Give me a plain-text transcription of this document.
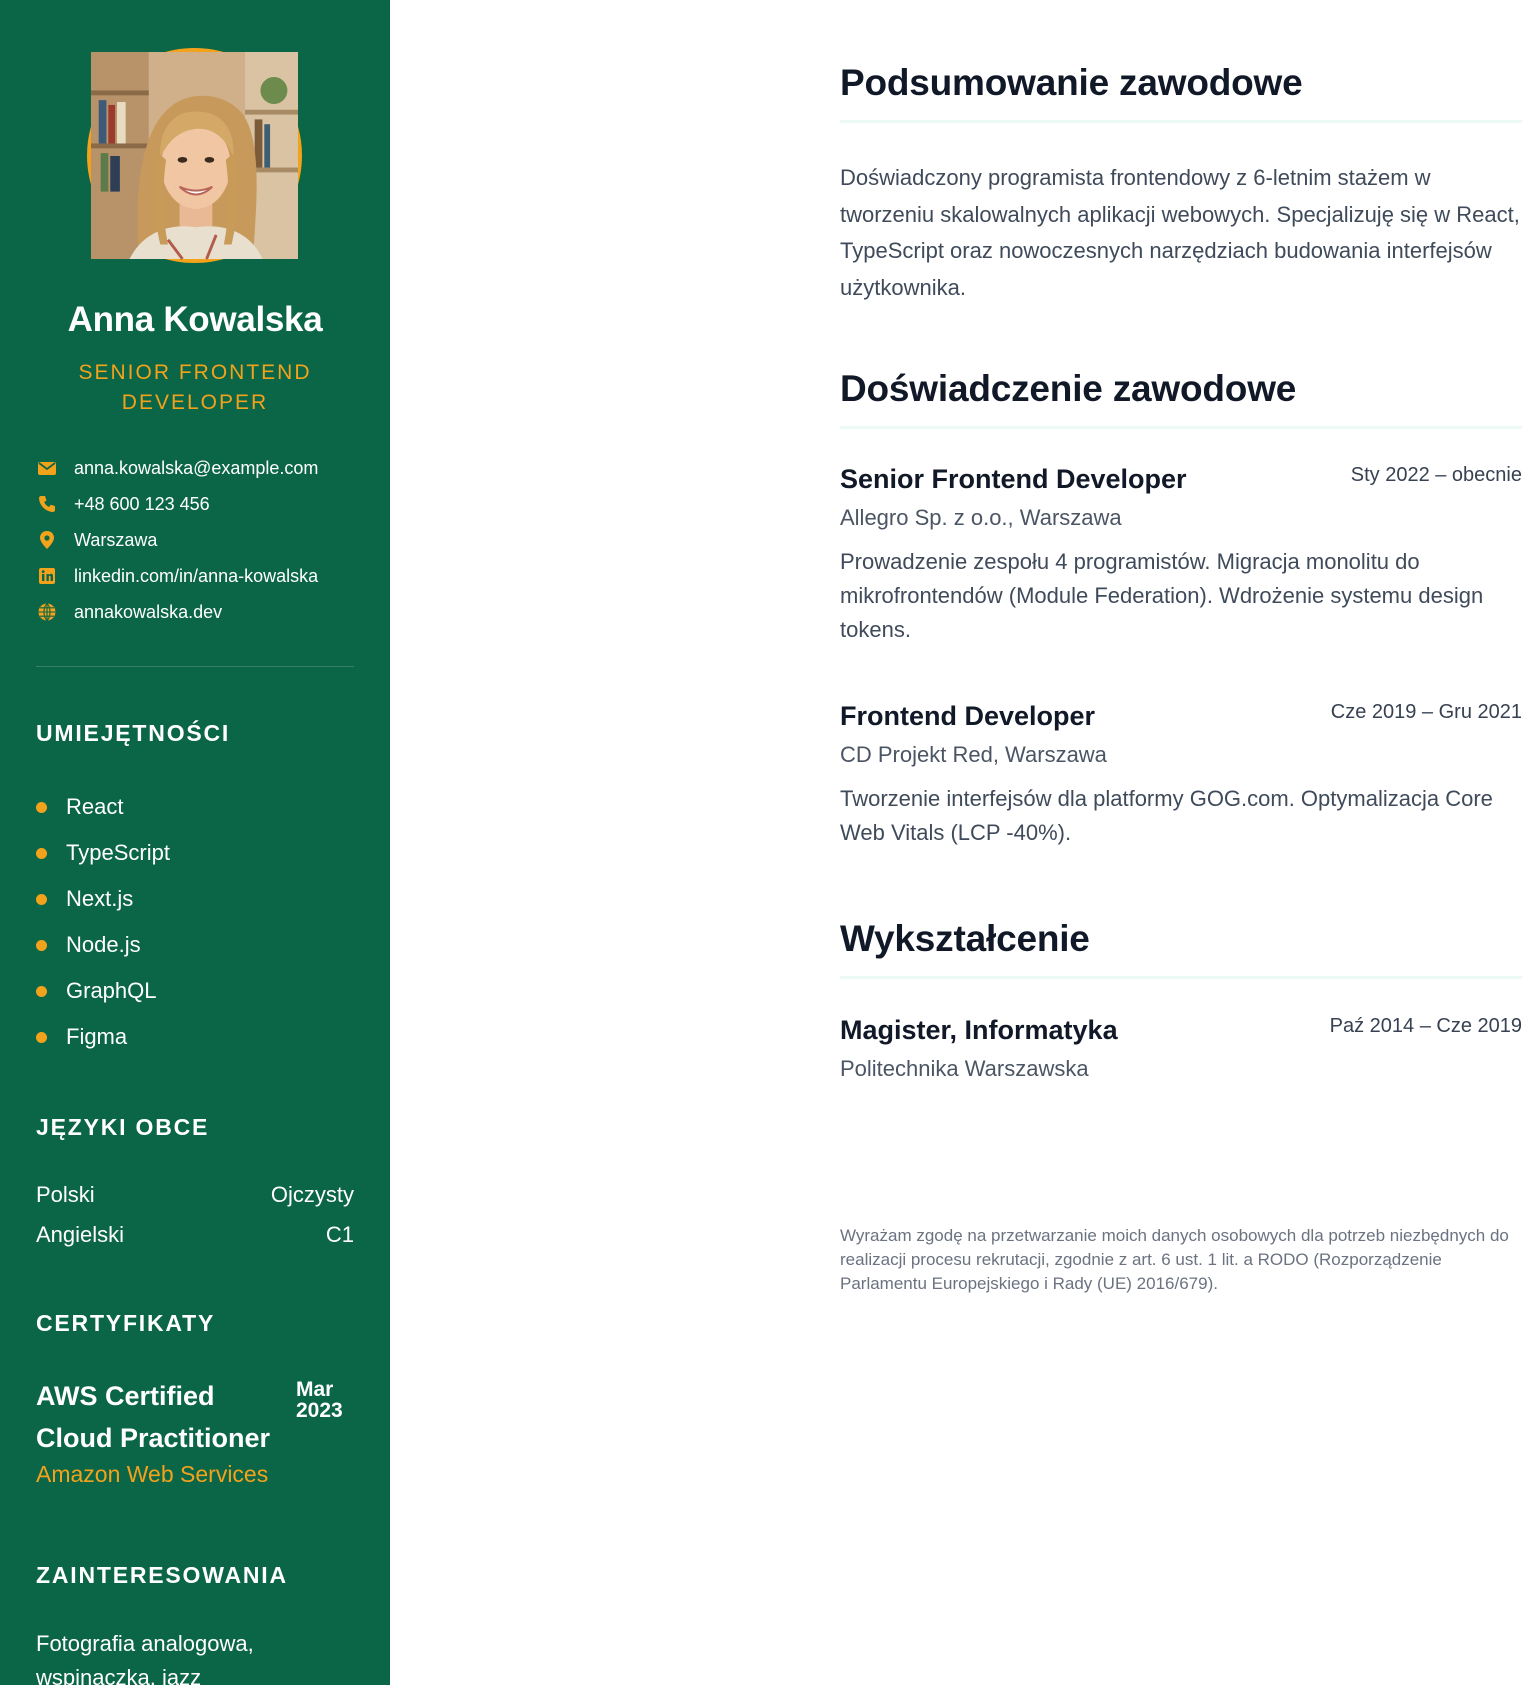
Anna Kowalska
SENIOR FRONTEND DEVELOPER
anna.kowalska@example.com
+48 600 123 456
Warszawa
linkedin.com/in/anna-kowalska
annakowalska.dev
UMIEJĘTNOŚCI
React
TypeScript
Next.js
Node.js
GraphQL
Figma
JĘZYKI OBCE
Polski	Ojczysty
Angielski	C1
CERTYFIKATY
AWS Certified Cloud Practitioner
Mar 2023
Amazon Web Services
ZAINTERESOWANIA
Fotografia analogowa, wspinaczka, jazz
Podsumowanie zawodowe

Doświadczony programista frontendowy z 6-letnim stażem w tworzeniu skalowalnych aplikacji webowych. Specjalizuję się w React, TypeScript oraz nowoczesnych narzędziach budowania interfejsów użytkownika.

Doświadczenie zawodowe
Senior Frontend Developer	Sty 2022 – obecnie
Allegro Sp. z o.o., Warszawa
Prowadzenie zespołu 4 programistów. Migracja monolitu do mikrofrontendów (Module Federation). Wdrożenie systemu design tokens.
Frontend Developer	Cze 2019 – Gru 2021
CD Projekt Red, Warszawa
Tworzenie interfejsów dla platformy GOG.com. Optymalizacja Core Web Vitals (LCP -40%).
Wykształcenie
Magister, Informatyka	Paź 2014 – Cze 2019
Politechnika Warszawska

Wyrażam zgodę na przetwarzanie moich danych osobowych dla potrzeb niezbędnych do realizacji procesu rekrutacji, zgodnie z art. 6 ust. 1 lit. a RODO (Rozporządzenie Parlamentu Europejskiego i Rady (UE) 2016/679).
